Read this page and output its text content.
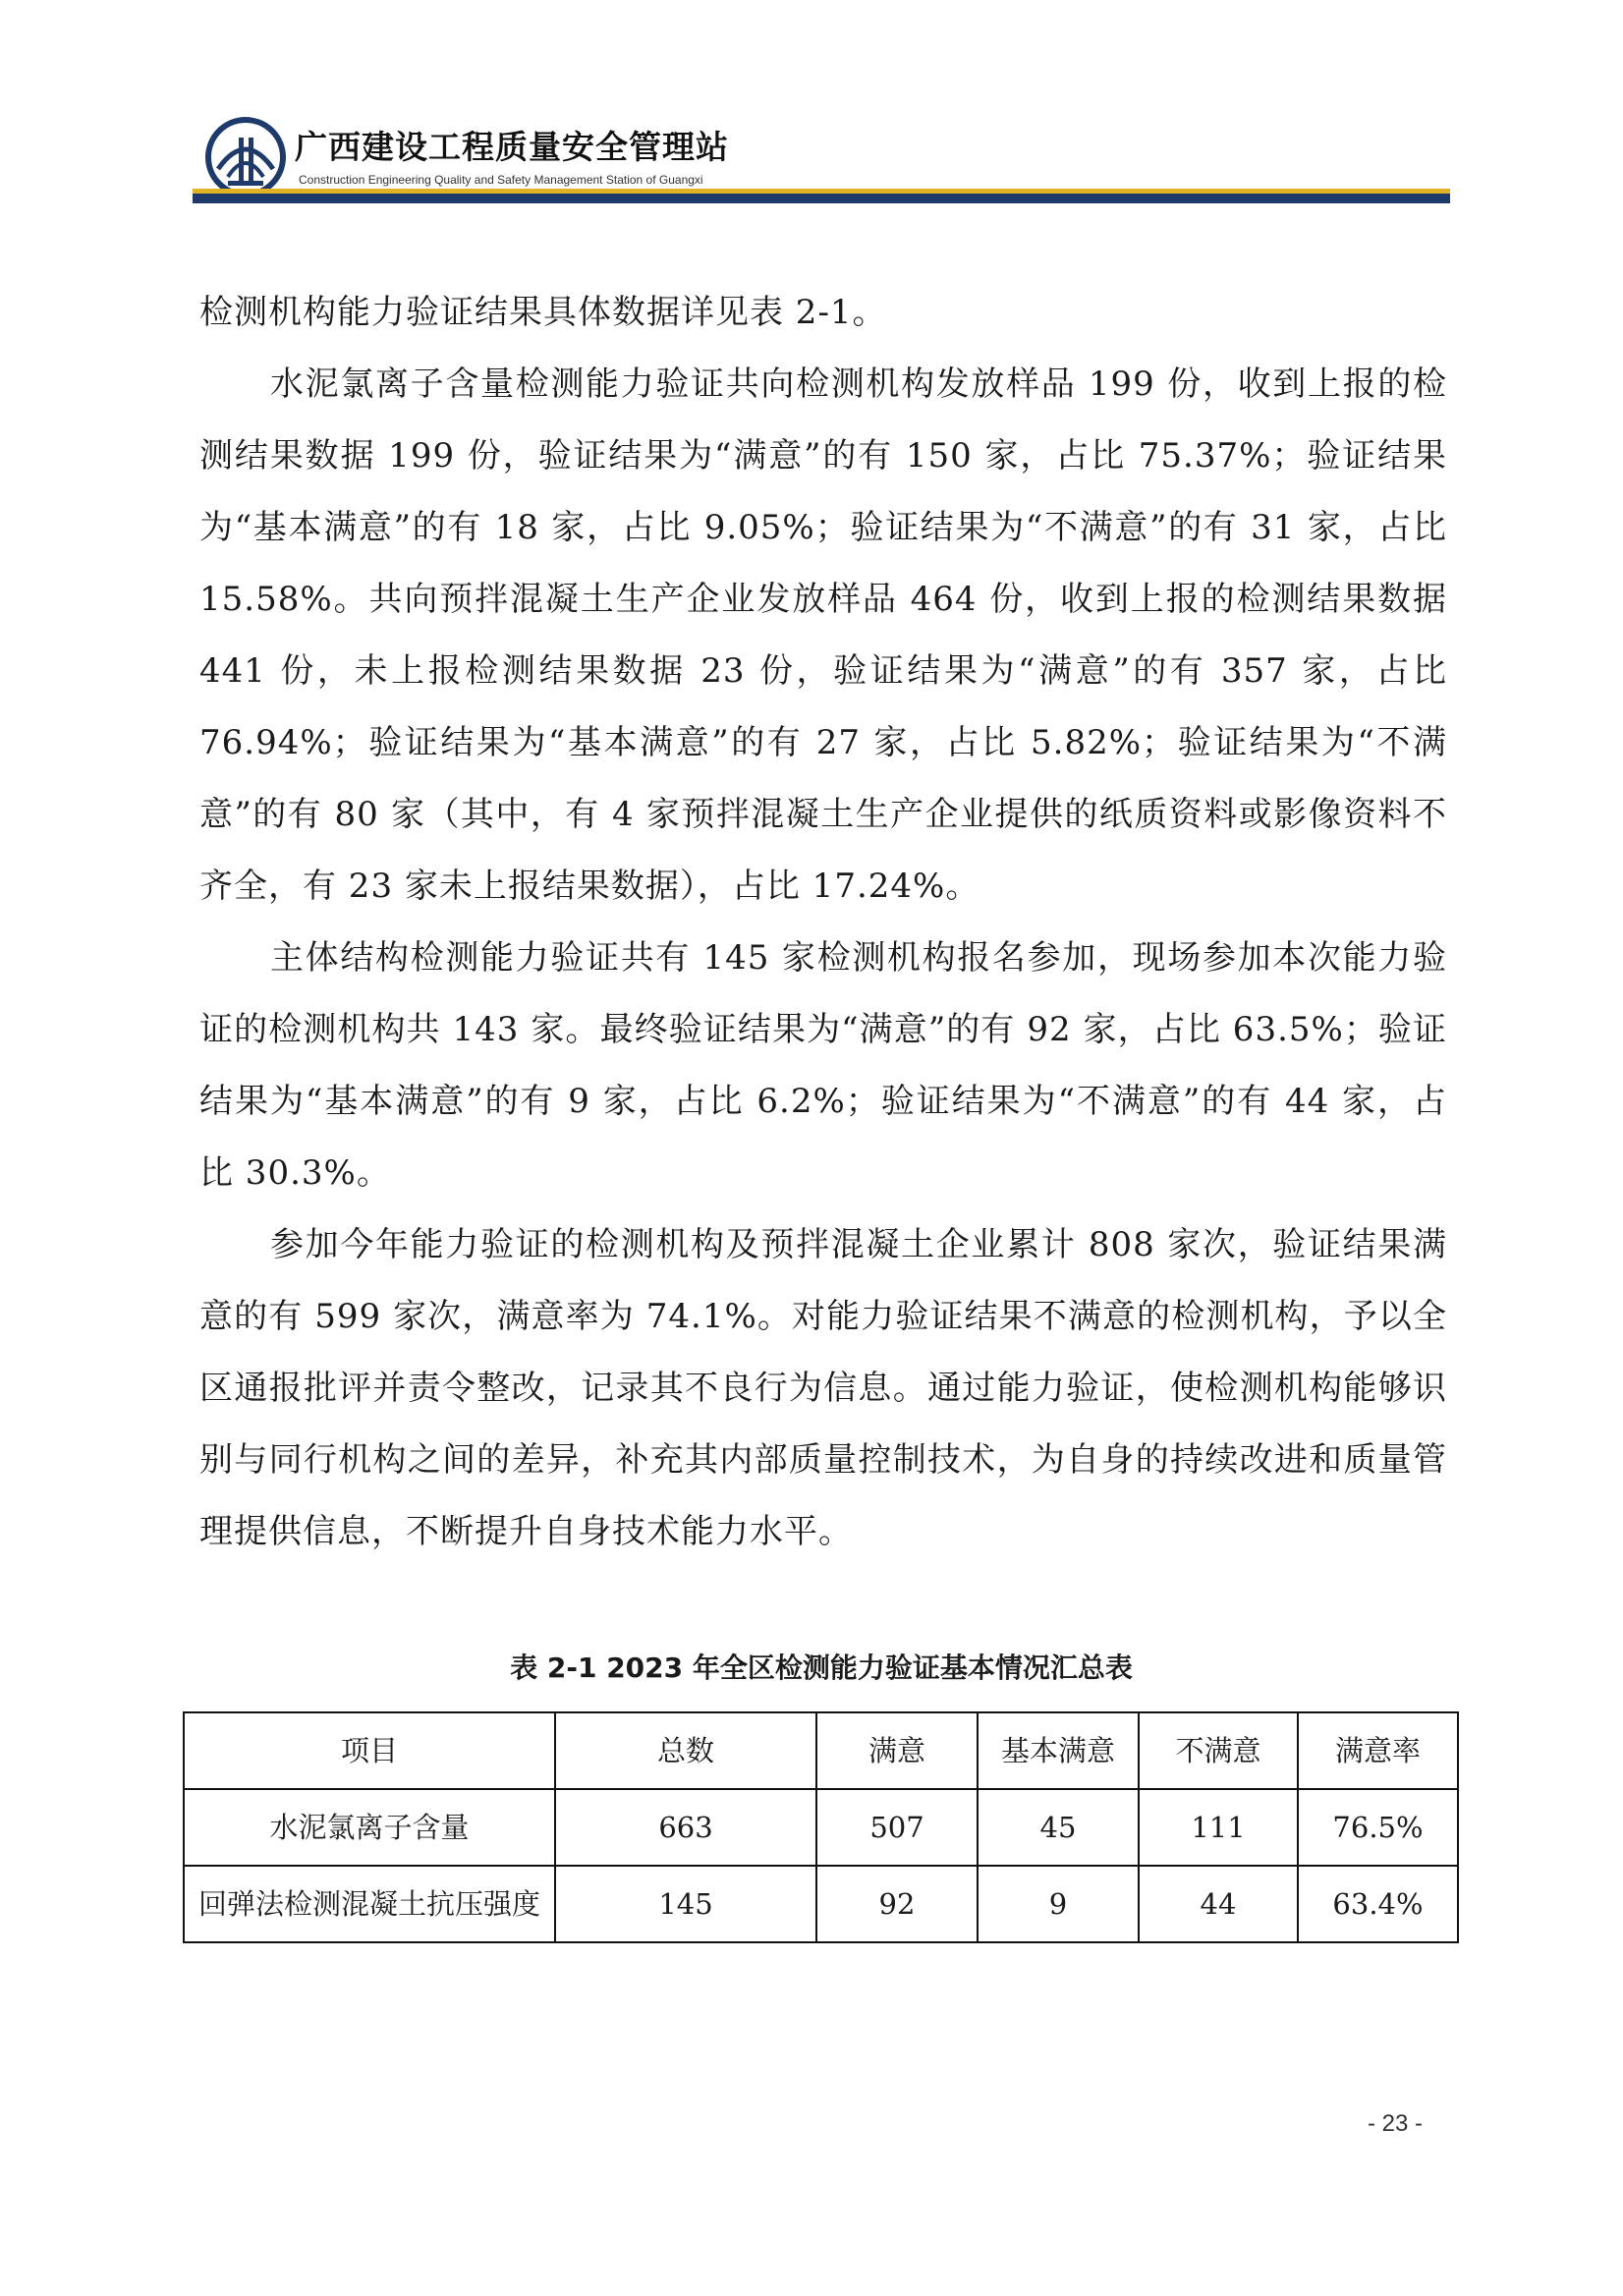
广西建设工程质量安全管理站
Construction Engineering Quality and Safety Management Station of Guangxi

检测机构能力验证结果具体数据详见表 2-1。

水泥氯离子含量检测能力验证共向检测机构发放样品 199 份，收到上报的检测结果数据 199 份，验证结果为“满意”的有 150 家，占比 75.37%；验证结果为“基本满意”的有 18 家，占比 9.05%；验证结果为“不满意”的有 31 家，占比 15.58%。共向预拌混凝土生产企业发放样品 464 份，收到上报的检测结果数据 441 份，未上报检测结果数据 23 份，验证结果为“满意”的有 357 家，占比 76.94%；验证结果为“基本满意”的有 27 家，占比 5.82%；验证结果为“不满意”的有 80 家（其中，有 4 家预拌混凝土生产企业提供的纸质资料或影像资料不齐全，有 23 家未上报结果数据），占比 17.24%。

主体结构检测能力验证共有 145 家检测机构报名参加，现场参加本次能力验证的检测机构共 143 家。最终验证结果为“满意”的有 92 家，占比 63.5%；验证结果为“基本满意”的有 9 家，占比 6.2%；验证结果为“不满意”的有 44 家，占比 30.3%。

参加今年能力验证的检测机构及预拌混凝土企业累计 808 家次，验证结果满意的有 599 家次，满意率为 74.1%。对能力验证结果不满意的检测机构，予以全区通报批评并责令整改，记录其不良行为信息。通过能力验证，使检测机构能够识别与同行机构之间的差异，补充其内部质量控制技术，为自身的持续改进和质量管理提供信息，不断提升自身技术能力水平。

表 2-1 2023 年全区检测能力验证基本情况汇总表
项目	总数	满意	基本满意	不满意	满意率
水泥氯离子含量	663	507	45	111	76.5%
回弹法检测混凝土抗压强度	145	92	9	44	63.4%
- 23 -
